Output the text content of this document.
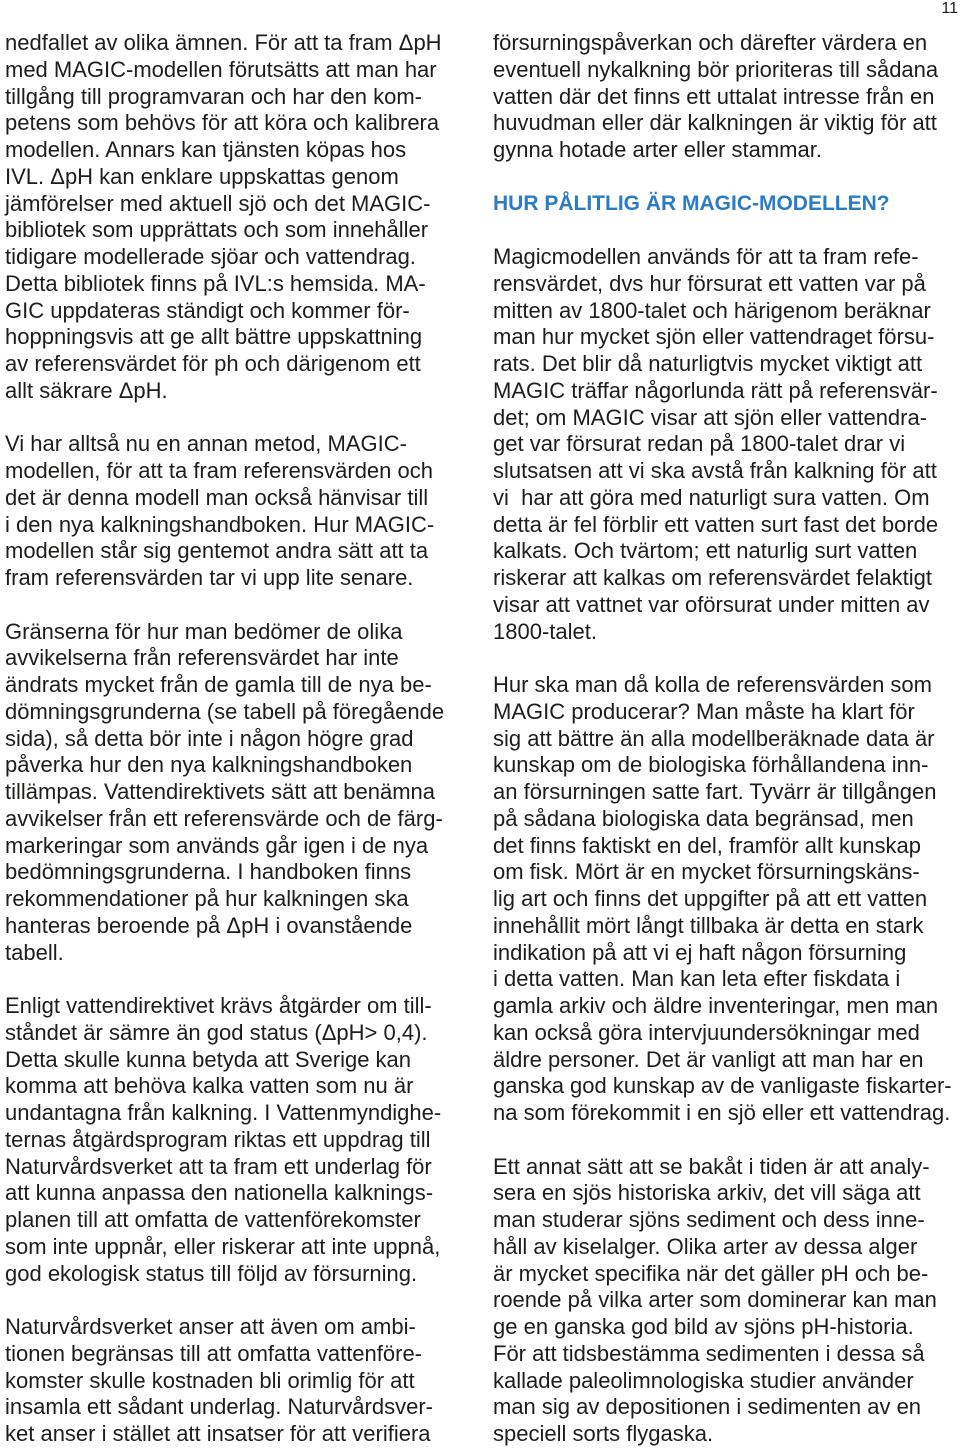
11

nedfallet av olika ämnen. För att ta fram ΔpH
med MAGIC-modellen förutsätts att man har
tillgång till programvaran och har den kom-
petens som behövs för att köra och kalibrera
modellen. Annars kan tjänsten köpas hos
IVL. ΔpH kan enklare uppskattas genom
jämförelser med aktuell sjö och det MAGIC-
bibliotek som upprättats och som innehåller
tidigare modellerade sjöar och vattendrag.
Detta bibliotek finns på IVL:s hemsida. MA-
GIC uppdateras ständigt och kommer för-
hoppningsvis att ge allt bättre uppskattning
av referensvärdet för ph och därigenom ett
allt säkrare ΔpH.

Vi har alltså nu en annan metod, MAGIC-
modellen, för att ta fram referensvärden och
det är denna modell man också hänvisar till
i den nya kalkningshandboken. Hur MAGIC-
modellen står sig gentemot andra sätt att ta
fram referensvärden tar vi upp lite senare.

Gränserna för hur man bedömer de olika
avvikelserna från referensvärdet har inte
ändrats mycket från de gamla till de nya be-
dömningsgrunderna (se tabell på föregående
sida), så detta bör inte i någon högre grad
påverka hur den nya kalkningshandboken
tillämpas. Vattendirektivets sätt att benämna
avvikelser från ett referensvärde och de färg-
markeringar som används går igen i de nya
bedömningsgrunderna. I handboken finns
rekommendationer på hur kalkningen ska
hanteras beroende på ΔpH i ovanstående
tabell.

Enligt vattendirektivet krävs åtgärder om till-
ståndet är sämre än god status (ΔpH> 0,4).
Detta skulle kunna betyda att Sverige kan
komma att behöva kalka vatten som nu är
undantagna från kalkning. I Vattenmyndighe-
ternas åtgärdsprogram riktas ett uppdrag till
Naturvårdsverket att ta fram ett underlag för
att kunna anpassa den nationella kalknings-
planen till att omfatta de vattenförekomster
som inte uppnår, eller riskerar att inte uppnå,
god ekologisk status till följd av försurning.

Naturvårdsverket anser att även om ambi-
tionen begränsas till att omfatta vattenföre-
komster skulle kostnaden bli orimlig för att
insamla ett sådant underlag. Naturvårdsver-
ket anser i stället att insatser för att verifiera

försurningspåverkan och därefter värdera en
eventuell nykalkning bör prioriteras till sådana
vatten där det finns ett uttalat intresse från en
huvudman eller där kalkningen är viktig för att
gynna hotade arter eller stammar.

HUR PÅLITLIG ÄR MAGIC-MODELLEN?

Magicmodellen används för att ta fram refe-
rensvärdet, dvs hur försurat ett vatten var på
mitten av 1800-talet och härigenom beräknar
man hur mycket sjön eller vattendraget försu-
rats. Det blir då naturligtvis mycket viktigt att
MAGIC träffar någorlunda rätt på referensvär-
det; om MAGIC visar att sjön eller vattendra-
get var försurat redan på 1800-talet drar vi
slutsatsen att vi ska avstå från kalkning för att
vi  har att göra med naturligt sura vatten. Om
detta är fel förblir ett vatten surt fast det borde
kalkats. Och tvärtom; ett naturlig surt vatten
riskerar att kalkas om referensvärdet felaktigt
visar att vattnet var oförsurat under mitten av
1800-talet.

Hur ska man då kolla de referensvärden som
MAGIC producerar? Man måste ha klart för
sig att bättre än alla modellberäknade data är
kunskap om de biologiska förhållandena inn-
an försurningen satte fart. Tyvärr är tillgången
på sådana biologiska data begränsad, men
det finns faktiskt en del, framför allt kunskap
om fisk. Mört är en mycket försurningskäns-
lig art och finns det uppgifter på att ett vatten
innehållit mört långt tillbaka är detta en stark
indikation på att vi ej haft någon försurning
i detta vatten. Man kan leta efter fiskdata i
gamla arkiv och äldre inventeringar, men man
kan också göra intervjuundersökningar med
äldre personer. Det är vanligt att man har en
ganska god kunskap av de vanligaste fiskarter-
na som förekommit i en sjö eller ett vattendrag.

Ett annat sätt att se bakåt i tiden är att analy-
sera en sjös historiska arkiv, det vill säga att
man studerar sjöns sediment och dess inne-
håll av kiselalger. Olika arter av dessa alger
är mycket specifika när det gäller pH och be-
roende på vilka arter som dominerar kan man
ge en ganska god bild av sjöns pH-historia.
För att tidsbestämma sedimenten i dessa så
kallade paleolimnologiska studier använder
man sig av depositionen i sedimenten av en
speciell sorts flygaska.
